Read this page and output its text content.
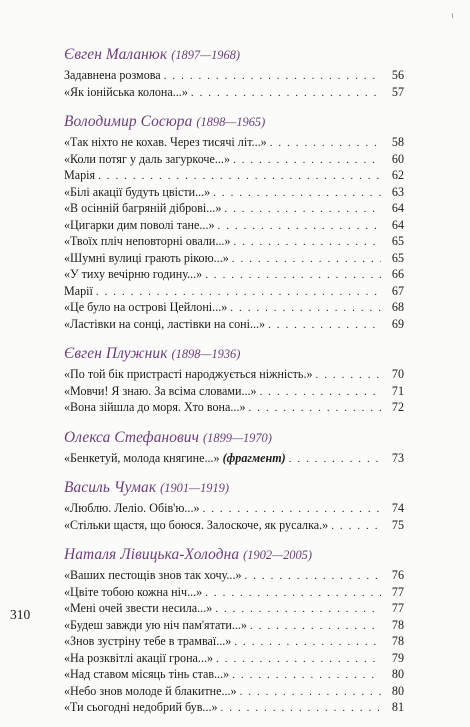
Євген Маланюк (1897—1968)
Задавнена розмова . . .	56
«Як іонійська колона...» . . .	57
Володимир Сосюра (1898—1965)
«Так ніхто не кохав. Через тисячі літ...» . . .	58
«Коли потяг у даль загуркоче...» . . .	60
Марія . . .	62
«Білі акації будуть цвісти...» . . .	63
«В осінній багряній діброві...» . . .	64
«Цигарки дим поволі тане...» . . .	64
«Твоїх пліч неповторні овали...» . . .	65
«Шумні вулиці грають рікою...» . . .	65
«У тиху вечірню годину...» . . .	66
Марії . . .	67
«Це було на острові Цейлоні...» . . .	68
«Ластівки на сонці, ластівки на соні...» . . .	69
Євген Плужник (1898—1936)
«По той бік пристрасті народжується ніжність.» . . .	70
«Мовчи! Я знаю. За всіма словами...» . . .	71
«Вона зійшла до моря. Хто вона...» . . .	72
Олекса Стефанович (1899—1970)
«Бенкетуй, молода княгине...» (фрагмент) . . .	73
Василь Чумак (1901—1919)
«Люблю. Леліо. Обів'ю...» . . .	74
«Стільки щастя, що боюся. Залоскоче, як русалка.» . . .	75
Наталя Лівицька-Холодна (1902—2005)
«Ваших пестощів знов так хочу...» . . .	76
«Цвіте тобою кожна ніч...» . . .	77
«Мені очей звести несила...» . . .	77
«Будеш завжди ую ніч пам'ятати...» . . .	78
«Знов зустріну тебе в трамваї...» . . .	78
«На розквітлі акації грона...» . . .	79
«Над ставом місяць тінь став...» . . .	80
«Небо знов молоде й блакитне...» . . .	80
«Ти сьогодні недобрий був...» . . .	81
310
